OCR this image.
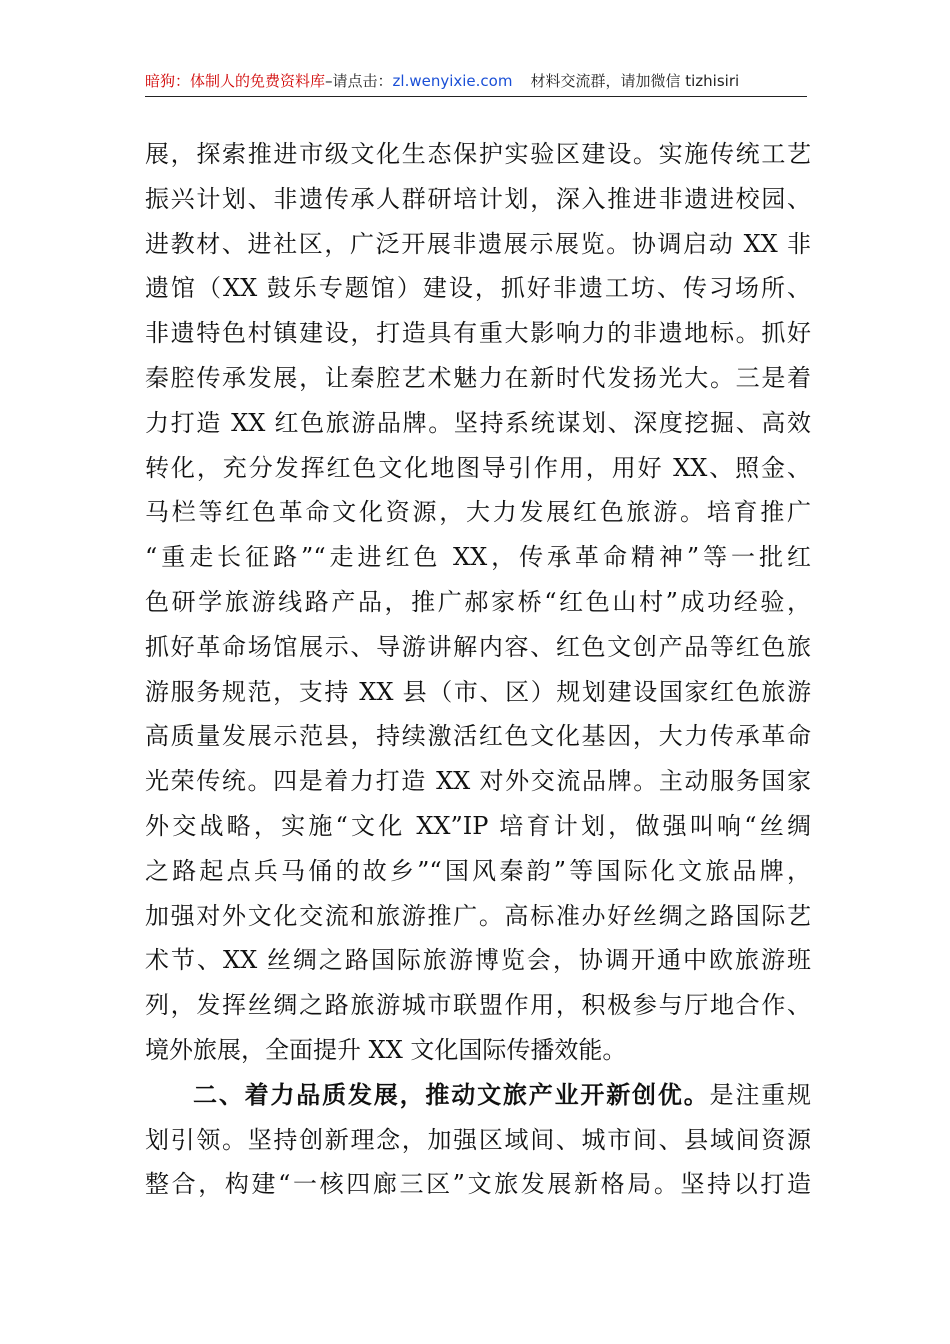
暗狗：体制人的免费资料库–请点击：zl.wenyixie.com 材料交流群，请加微信 tizhisiri
展，探索推进市级文化生态保护实验区建设。实施传统工艺
振兴计划、非遗传承人群研培计划，深入推进非遗进校园、
进教材、进社区，广泛开展非遗展示展览。协调启动 XX 非
遗馆（XX 鼓乐专题馆）建设，抓好非遗工坊、传习场所、
非遗特色村镇建设，打造具有重大影响力的非遗地标。抓好
秦腔传承发展，让秦腔艺术魅力在新时代发扬光大。三是着
力打造 XX 红色旅游品牌。坚持系统谋划、深度挖掘、高效
转化，充分发挥红色文化地图导引作用，用好 XX、照金、
马栏等红色革命文化资源，大力发展红色旅游。培育推广
“重走长征路”“走进红色 XX，传承革命精神”等一批红
色研学旅游线路产品，推广郝家桥“红色山村”成功经验，
抓好革命场馆展示、导游讲解内容、红色文创产品等红色旅
游服务规范，支持 XX 县（市、区）规划建设国家红色旅游
高质量发展示范县，持续激活红色文化基因，大力传承革命
光荣传统。四是着力打造 XX 对外交流品牌。主动服务国家
外交战略，实施“文化 XX”IP 培育计划，做强叫响“丝绸
之路起点兵马俑的故乡”“国风秦韵”等国际化文旅品牌，
加强对外文化交流和旅游推广。高标准办好丝绸之路国际艺
术节、XX 丝绸之路国际旅游博览会，协调开通中欧旅游班
列，发挥丝绸之路旅游城市联盟作用，积极参与厅地合作、
境外旅展，全面提升 XX 文化国际传播效能。
二、着力品质发展，推动文旅产业开新创优。是注重规
划引领。坚持创新理念，加强区域间、城市间、县域间资源
整合，构建“一核四廊三区”文旅发展新格局。坚持以打造
